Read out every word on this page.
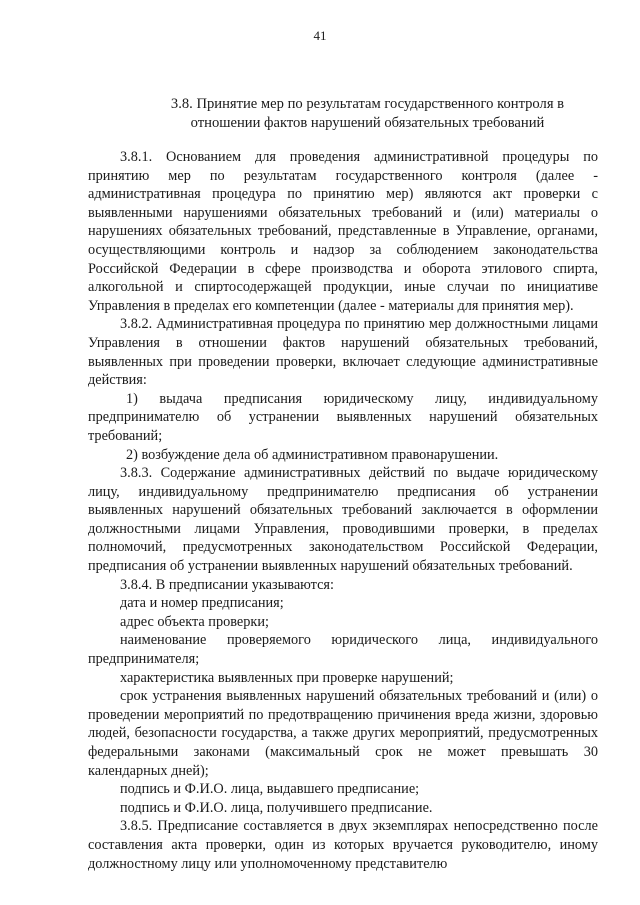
41
3.8. Принятие мер по результатам государственного контроля в
отношении фактов нарушений обязательных требований

3.8.1. Основанием для проведения административной процедуры по принятию мер по результатам государственного контроля (далее - административная процедура по принятию мер) являются акт проверки с выявленными нарушениями обязательных требований и (или) материалы о нарушениях обязательных требований, представленные в Управление, органами, осуществляющими контроль и надзор за соблюдением законодательства Российской Федерации в сфере производства и оборота этилового спирта, алкогольной и спиртосодержащей продукции, иные случаи по инициативе Управления в пределах его компетенции (далее - материалы для принятия мер).

3.8.2. Административная процедура по принятию мер должностными лицами Управления в отношении фактов нарушений обязательных требований, выявленных при проведении проверки, включает следующие административные действия:

1) выдача предписания юридическому лицу, индивидуальному предпринимателю об устранении выявленных нарушений обязательных требований;

2) возбуждение дела об административном правонарушении.

3.8.3. Содержание административных действий по выдаче юридическому лицу, индивидуальному предпринимателю предписания об устранении выявленных нарушений обязательных требований заключается в оформлении должностными лицами Управления, проводившими проверки, в пределах полномочий, предусмотренных законодательством Российской Федерации, предписания об устранении выявленных нарушений обязательных требований.

3.8.4. В предписании указываются:

дата и номер предписания;

адрес объекта проверки;

наименование проверяемого юридического лица, индивидуального предпринимателя;

характеристика выявленных при проверке нарушений;

срок устранения выявленных нарушений обязательных требований и (или) о проведении мероприятий по предотвращению причинения вреда жизни, здоровью людей, безопасности государства, а также других мероприятий, предусмотренных федеральными законами (максимальный срок не может превышать 30 календарных дней);

подпись и Ф.И.О. лица, выдавшего предписание;

подпись и Ф.И.О. лица, получившего предписание.

3.8.5. Предписание составляется в двух экземплярах непосредственно после составления акта проверки, один из которых вручается руководителю, иному должностному лицу или уполномоченному представителю
